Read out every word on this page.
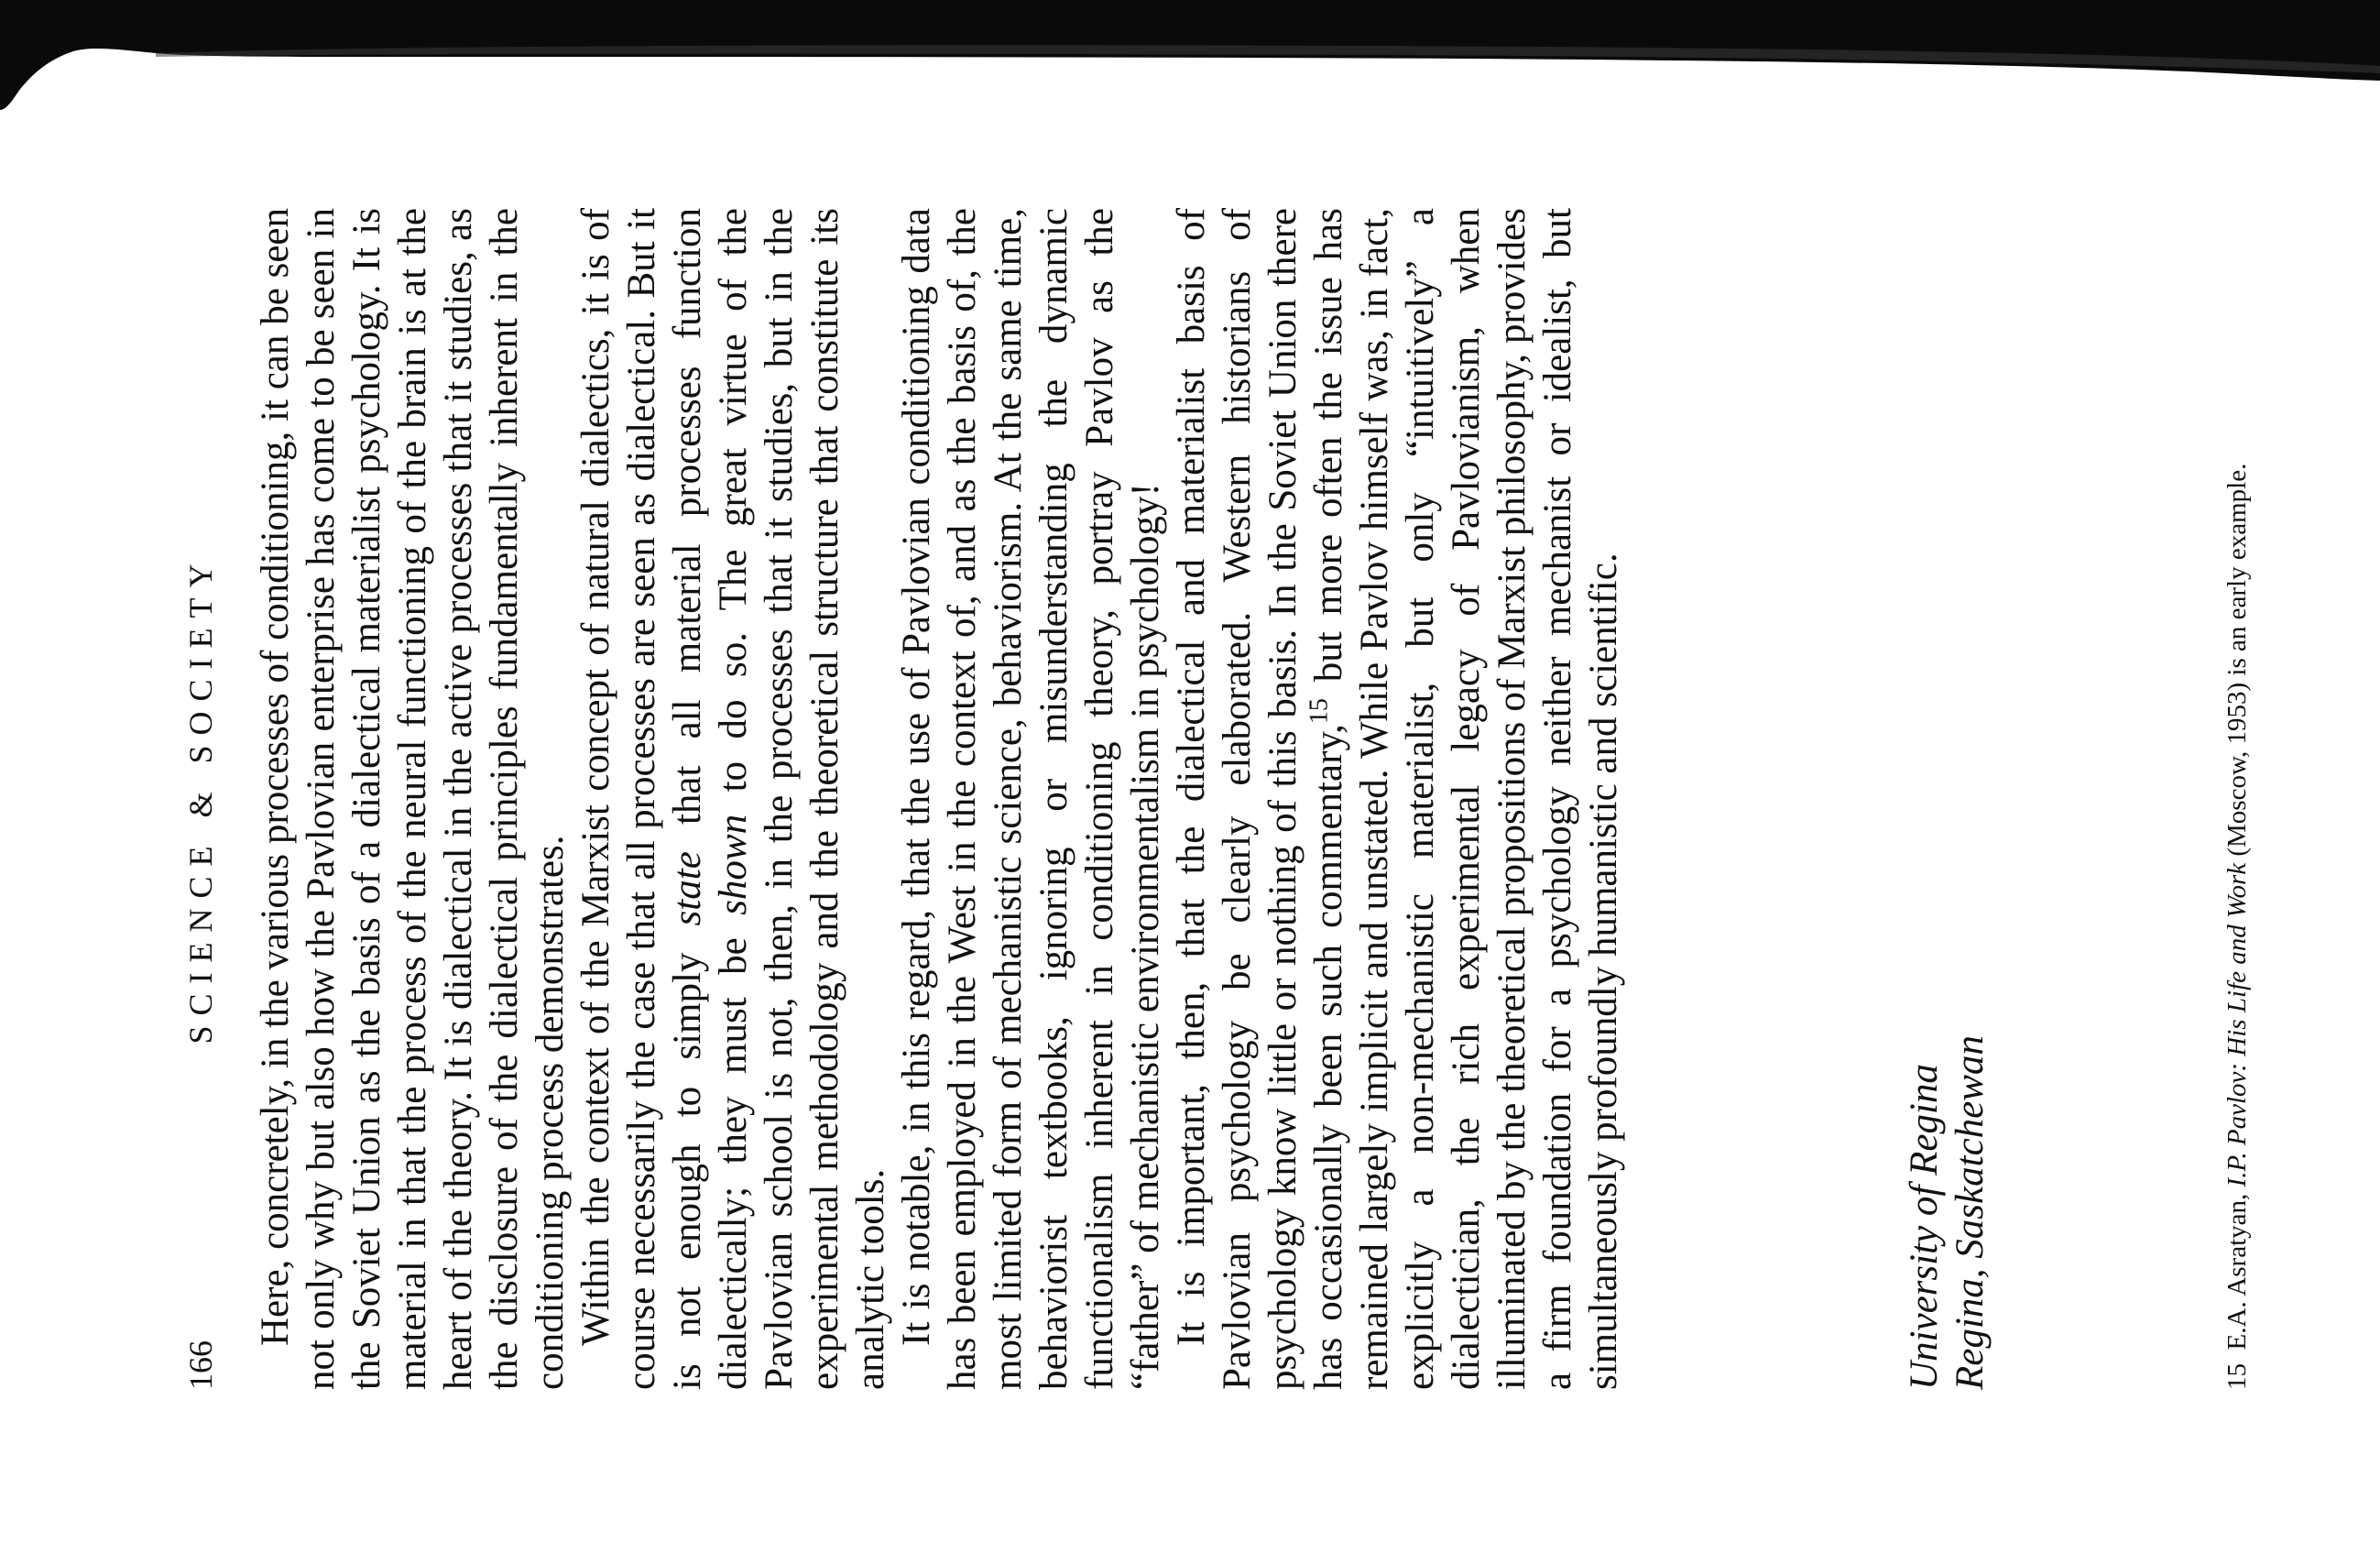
166
SCIENCE & SOCIETY Here, concretely, in the various processes of conditioning, it can be seen not only why but also how the Pavlovian enterprise has come to be seen in the Soviet Union as the basis of a dialectical materialist psychology. It is material in that the process of the neural functioning of the brain is at the heart of the theory. It is dialectical in the active processes that it studies, as the disclosure of the dialectical principles fundamentally inherent in the conditioning process demonstrates. Within the context of the Marxist concept of natural dialectics, it is of course necessarily the case that all processes are seen as dialectical. But it is not enough to simply state that all material processes function dialectically; they must be shown to do so. The great virtue of the Pavlovian school is not, then, in the processes that it studies, but in the experimental methodology and the theoretical structure that constitute its analytic tools. It is notable, in this regard, that the use of Pavlovian conditioning data has been employed in the West in the context of, and as the basis of, the most limited form of mechanistic science, behaviorism. At the same time, behaviorist textbooks, ignoring or misunderstanding the dynamic functionalism inherent in conditioning theory, portray Pavlov as the “father” of mechanistic environmentalism in psychology! It is important, then, that the dialectical and materialist basis of Pavlovian psychology be clearly elaborated. Western historians of psychology know little or nothing of this basis. In the Soviet Union there has occasionally been such commentary,$^{15}$ but more often the issue has remained largely implicit and unstated. While Pavlov himself was, in fact, explicitly a non-mechanistic materialist, but only “intuitively” a dialectician, the rich experimental legacy of Pavlovianism, when illuminated by the theoretical propositions of Marxist philosophy, provides a firm foundation for a psychology neither mechanist or idealist, but simultaneously profoundly humanistic and scientific.	University of Regina Regina, Saskatchewan	15 E.A. Asratyan, I.P. Pavlov: His Life and Work (Moscow, 1953) is an early example.
